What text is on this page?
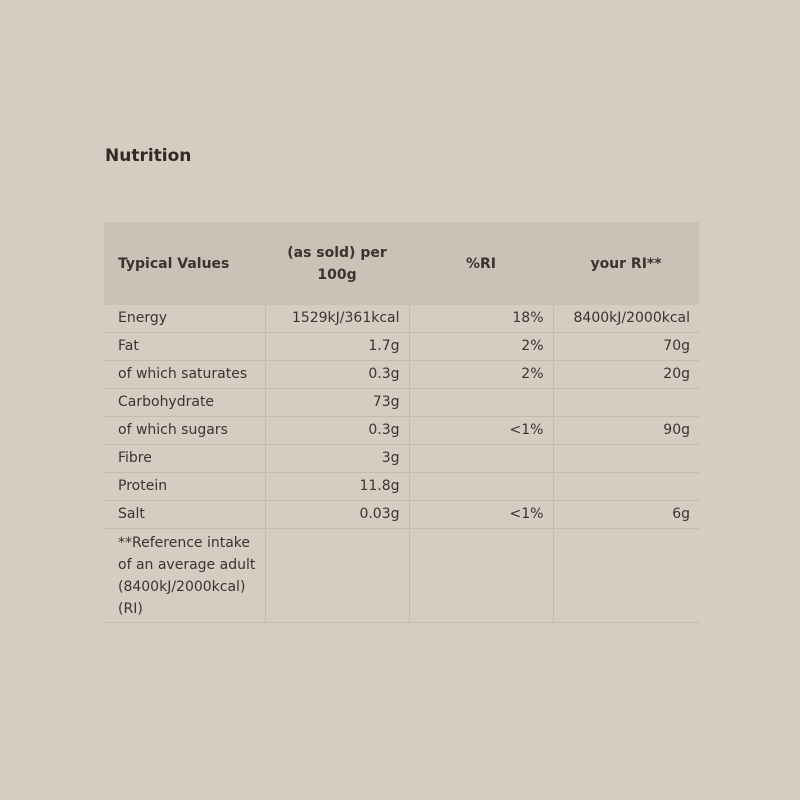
Nutrition
Typical Values	(as sold) per 100g	%RI	your RI**
Energy	1529kJ/361kcal	18%	8400kJ/2000kcal
Fat	1.7g	2%	70g
of which saturates	0.3g	2%	20g
Carbohydrate	73g		
of which sugars	0.3g	<1%	90g
Fibre	3g		
Protein	11.8g		
Salt	0.03g	<1%	6g
**Reference intake of an average adult (8400kJ/2000kcal) (RI)			
